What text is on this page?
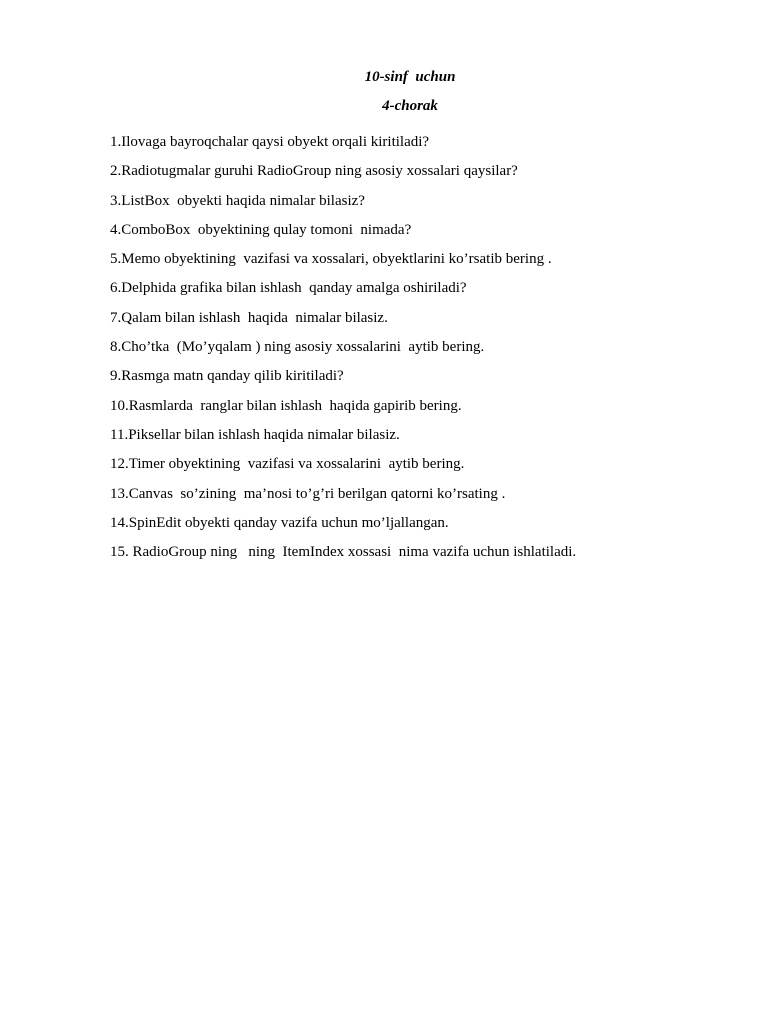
10-sinf  uchun
4-chorak
1.Ilovaga bayroqchalar qaysi obyekt orqali kiritiladi?
2.Radiotugmalar guruhi RadioGroup ning asosiy xossalari qaysilar?
3.ListBox  obyekti haqida nimalar bilasiz?
4.ComboBox  obyektining qulay tomoni  nimada?
5.Memo obyektining  vazifasi va xossalari, obyektlarini ko’rsatib bering .
6.Delphida grafika bilan ishlash  qanday amalga oshiriladi?
7.Qalam bilan ishlash  haqida  nimalar bilasiz.
8.Cho’tka  (Mo’yqalam ) ning asosiy xossalarini  aytib bering.
9.Rasmga matn qanday qilib kiritiladi?
10.Rasmlarda  ranglar bilan ishlash  haqida gapirib bering.
11.Piksellar bilan ishlash haqida nimalar bilasiz.
12.Timer obyektining  vazifasi va xossalarini  aytib bering.
13.Canvas  so’zining  ma’nosi to’g’ri berilgan qatorni ko’rsating .
14.SpinEdit obyekti qanday vazifa uchun mo’ljallangan.
15. RadioGroup ning   ning  ItemIndex xossasi  nima vazifa uchun ishlatiladi.
